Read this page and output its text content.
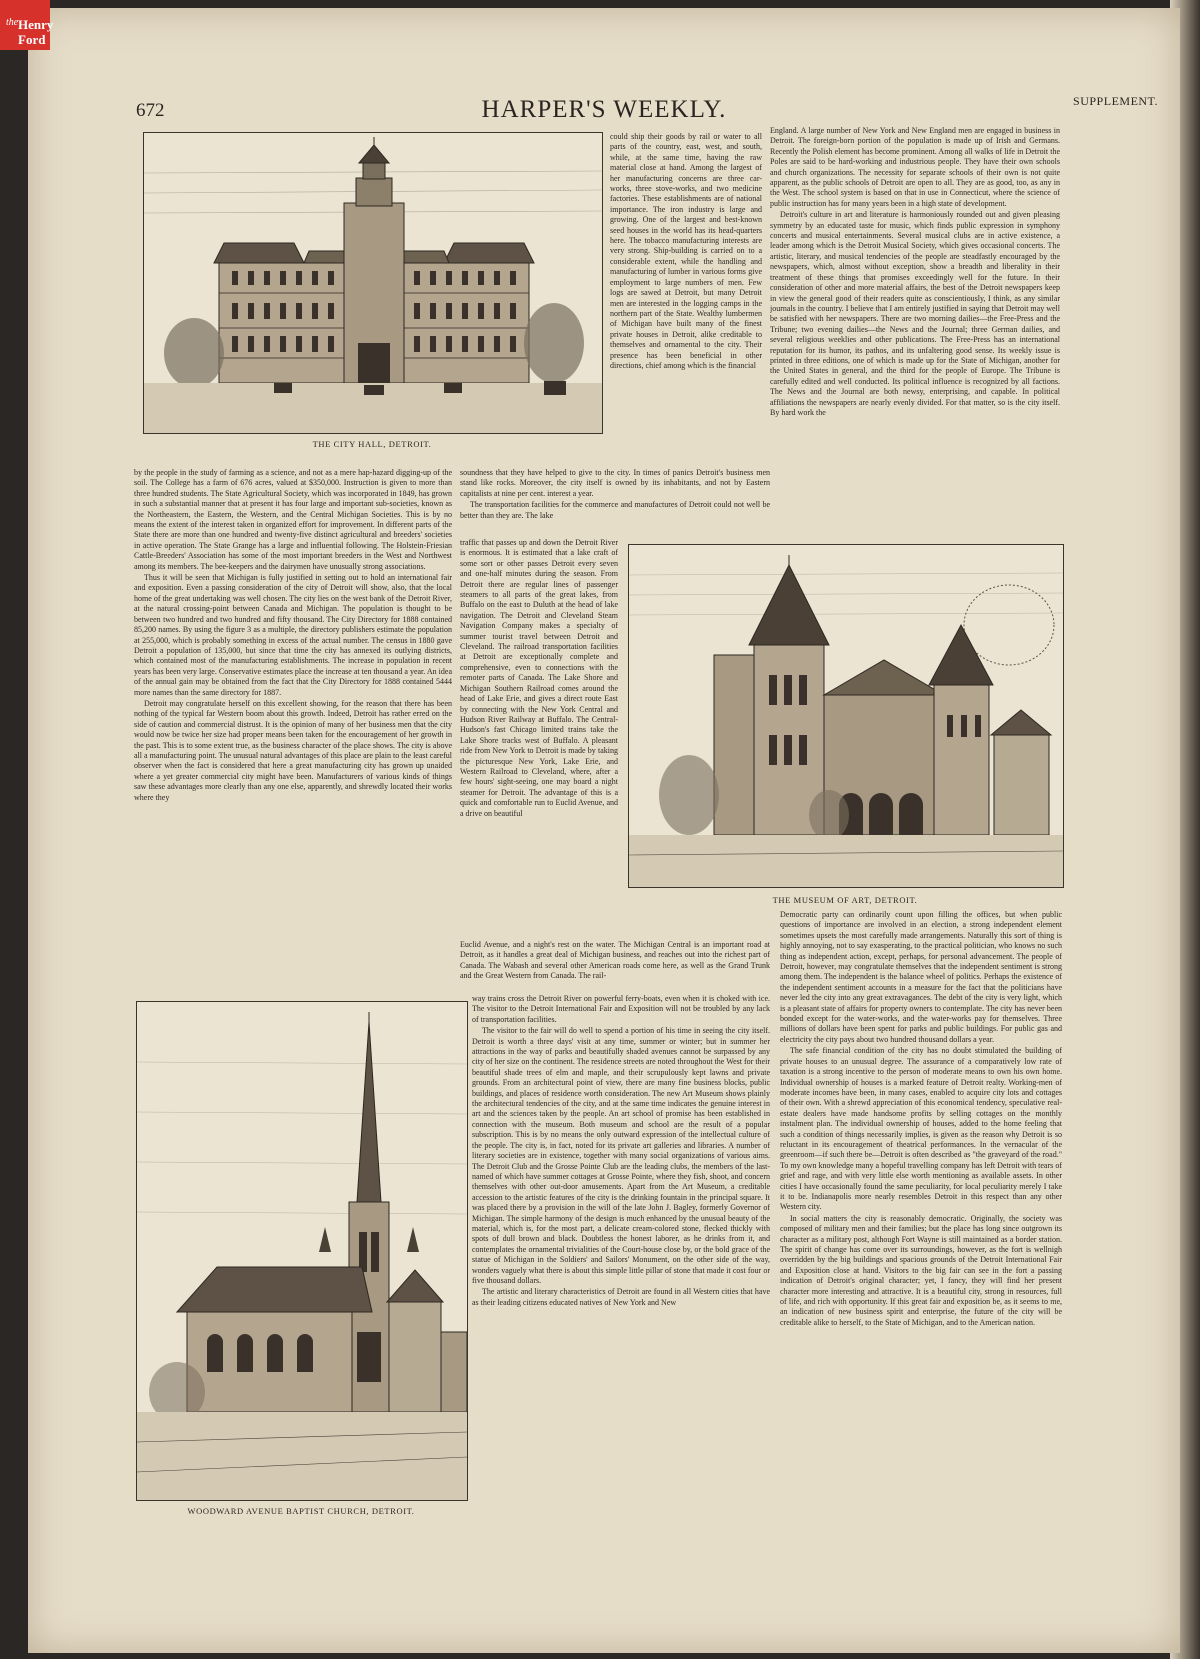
672	HARPER'S WEEKLY.	SUPPLEMENT.
THE CITY HALL, DETROIT.
could ship their goods by rail or water to all parts of the country, east, west, and south, while, at the same time, having the raw material close at hand. Among the largest of her manufacturing concerns are three car-works, three stove-works, and two medicine factories. These establishments are of national importance. The iron industry is large and growing. One of the largest and best-known seed houses in the world has its head-quarters here. The tobacco manufacturing interests are very strong. Ship-building is carried on to a considerable extent, while the handling and manufacturing of lumber in various forms give employment to large numbers of men. Few logs are sawed at Detroit, but many Detroit men are interested in the logging camps in the northern part of the State. Wealthy lumbermen of Michigan have built many of the finest private houses in Detroit, alike creditable to themselves and ornamental to the city. Their presence has been beneficial in other directions, chief among which is the financial

England. A large number of New York and New England men are engaged in business in Detroit. The foreign-born portion of the population is made up of Irish and Germans. Recently the Polish element has become prominent. Among all walks of life in Detroit the Poles are said to be hard-working and industrious people. They have their own schools and church organizations. The necessity for separate schools of their own is not quite apparent, as the public schools of Detroit are open to all. They are as good, too, as any in the West. The school system is based on that in use in Connecticut, where the science of public instruction has for many years been in a high state of development.

Detroit's culture in art and literature is harmoniously rounded out and given pleasing symmetry by an educated taste for music, which finds public expression in symphony concerts and musical entertainments. Several musical clubs are in active existence, a leader among which is the Detroit Musical Society, which gives occasional concerts. The artistic, literary, and musical tendencies of the people are steadfastly encouraged by the newspapers, which, almost without exception, show a breadth and liberality in their treatment of these things that promises exceedingly well for the future. In their consideration of other and more material affairs, the best of the Detroit newspapers keep in view the general good of their readers quite as conscientiously, I think, as any similar journals in the country. I believe that I am entirely justified in saying that Detroit may well be satisfied with her newspapers. There are two morning dailies—the Free-Press and the Tribune; two evening dailies—the News and the Journal; three German dailies, and several religious weeklies and other publications. The Free-Press has an international reputation for its humor, its pathos, and its unfaltering good sense. Its weekly issue is printed in three editions, one of which is made up for the State of Michigan, another for the United States in general, and the third for the people of Europe. The Tribune is carefully edited and well conducted. Its political influence is recognized by all factions. The News and the Journal are both newsy, enterprising, and capable. In political affiliations the newspapers are nearly evenly divided. For that matter, so is the city itself. By hard work the

by the people in the study of farming as a science, and not as a mere hap-hazard digging-up of the soil. The College has a farm of 676 acres, valued at $350,000. Instruction is given to more than three hundred students. The State Agricultural Society, which was incorporated in 1849, has grown in such a substantial manner that at present it has four large and important sub-societies, known as the Northeastern, the Eastern, the Western, and the Central Michigan Societies. This is by no means the extent of the interest taken in organized effort for improvement. In different parts of the State there are more than one hundred and twenty-five distinct agricultural and breeders' societies in active operation. The State Grange has a large and influential following. The Holstein-Friesian Cattle-Breeders' Association has some of the most important breeders in the West and Northwest among its members. The bee-keepers and the dairymen have unusually strong associations.

Thus it will be seen that Michigan is fully justified in setting out to hold an international fair and exposition. Even a passing consideration of the city of Detroit will show, also, that the local home of the great undertaking was well chosen. The city lies on the west bank of the Detroit River, at the natural crossing-point between Canada and Michigan. The population is thought to be between two hundred and two hundred and fifty thousand. The City Directory for 1888 contained 85,200 names. By using the figure 3 as a multiple, the directory publishers estimate the population at 255,000, which is probably something in excess of the actual number. The census in 1880 gave Detroit a population of 135,000, but since that time the city has annexed its outlying districts, which contained most of the manufacturing establishments. The increase in population in recent years has been very large. Conservative estimates place the increase at ten thousand a year. An idea of the annual gain may be obtained from the fact that the City Directory for 1888 contained 5444 more names than the same directory for 1887.

Detroit may congratulate herself on this excellent showing, for the reason that there has been nothing of the typical far Western boom about this growth. Indeed, Detroit has rather erred on the side of caution and commercial distrust. It is the opinion of many of her business men that the city would now be twice her size had proper means been taken for the encouragement of her growth in the past. This is to some extent true, as the business character of the place shows. The city is above all a manufacturing point. The unusual natural advantages of this place are plain to the least careful observer when the fact is considered that here a great manufacturing city has grown up unaided where a yet greater commercial city might have been. Manufacturers of various kinds of things saw these advantages more clearly than any one else, apparently, and shrewdly located their works where they

soundness that they have helped to give to the city. In times of panics Detroit's business men stand like rocks. Moreover, the city itself is owned by its inhabitants, and not by Eastern capitalists at nine per cent. interest a year.

The transportation facilities for the commerce and manufactures of Detroit could not well be better than they are. The lake

traffic that passes up and down the Detroit River is enormous. It is estimated that a lake craft of some sort or other passes Detroit every seven and one-half minutes during the season. From Detroit there are regular lines of passenger steamers to all parts of the great lakes, from Buffalo on the east to Duluth at the head of lake navigation. The Detroit and Cleveland Steam Navigation Company makes a specialty of summer tourist travel between Detroit and Cleveland. The railroad transportation facilities at Detroit are exceptionally complete and comprehensive, even to connections with the remoter parts of Canada. The Lake Shore and Michigan Southern Railroad comes around the head of Lake Erie, and gives a direct route East by connecting with the New York Central and Hudson River Railway at Buffalo. The Central-Hudson's fast Chicago limited trains take the Lake Shore tracks west of Buffalo. A pleasant ride from New York to Detroit is made by taking the picturesque New York, Lake Erie, and Western Railroad to Cleveland, where, after a few hours' sight-seeing, one may board a night steamer for Detroit. The advantage of this is a quick and comfortable run to Euclid Avenue, and a drive on beautiful
THE MUSEUM OF ART, DETROIT.
Euclid Avenue, and a night's rest on the water. The Michigan Central is an important road at Detroit, as it handles a great deal of Michigan business, and reaches out into the richest part of Canada. The Wabash and several other American roads come here, as well as the Grand Trunk and the Great Western from Canada. The rail-
WOODWARD AVENUE BAPTIST CHURCH, DETROIT.

way trains cross the Detroit River on powerful ferry-boats, even when it is choked with ice. The visitor to the Detroit International Fair and Exposition will not be troubled by any lack of transportation facilities.

The visitor to the fair will do well to spend a portion of his time in seeing the city itself. Detroit is worth a three days' visit at any time, summer or winter; but in summer her attractions in the way of parks and beautifully shaded avenues cannot be surpassed by any city of her size on the continent. The residence streets are noted throughout the West for their beautiful shade trees of elm and maple, and their scrupulously kept lawns and private grounds. From an architectural point of view, there are many fine business blocks, public buildings, and places of residence worth consideration. The new Art Museum shows plainly the architectural tendencies of the city, and at the same time indicates the genuine interest in art and the sciences taken by the people. An art school of promise has been established in connection with the museum. Both museum and school are the result of a popular subscription. This is by no means the only outward expression of the intellectual culture of the people. The city is, in fact, noted for its private art galleries and libraries. A number of literary societies are in existence, together with many social organizations of various aims. The Detroit Club and the Grosse Pointe Club are the leading clubs, the members of the last-named of which have summer cottages at Grosse Pointe, where they fish, shoot, and concern themselves with other out-door amusements. Apart from the Art Museum, a creditable accession to the artistic features of the city is the drinking fountain in the principal square. It was placed there by a provision in the will of the late John J. Bagley, formerly Governor of Michigan. The simple harmony of the design is much enhanced by the unusual beauty of the material, which is, for the most part, a delicate cream-colored stone, flecked thickly with spots of dull brown and black. Doubtless the honest laborer, as he drinks from it, and contemplates the ornamental trivialities of the Court-house close by, or the bold grace of the statue of Michigan in the Soldiers' and Sailors' Monument, on the other side of the way, wonders vaguely what there is about this simple little pillar of stone that made it cost four or five thousand dollars.

The artistic and literary characteristics of Detroit are found in all Western cities that have as their leading citizens educated natives of New York and New

Democratic party can ordinarily count upon filling the offices, but when public questions of importance are involved in an election, a strong independent element sometimes upsets the most carefully made arrangements. Naturally this sort of thing is highly annoying, not to say exasperating, to the practical politician, who knows no such thing as independent action, except, perhaps, for personal advancement. The people of Detroit, however, may congratulate themselves that the independent sentiment is strong among them. The independent is the balance wheel of politics. Perhaps the existence of the independent sentiment accounts in a measure for the fact that the politicians have never led the city into any great extravagances. The debt of the city is very light, which is a pleasant state of affairs for property owners to contemplate. The city has never been bonded except for the water-works, and the water-works pay for themselves. Three millions of dollars have been spent for parks and public buildings. For public gas and electricity the city pays about two hundred thousand dollars a year.

The safe financial condition of the city has no doubt stimulated the building of private houses to an unusual degree. The assurance of a comparatively low rate of taxation is a strong incentive to the person of moderate means to own his own home. Individual ownership of houses is a marked feature of Detroit realty. Working-men of moderate incomes have been, in many cases, enabled to acquire city lots and cottages of their own. With a shrewd appreciation of this economical tendency, speculative real-estate dealers have made handsome profits by selling cottages on the monthly instalment plan. The individual ownership of houses, added to the home feeling that such a condition of things necessarily implies, is given as the reason why Detroit is so reluctant in its encouragement of theatrical performances. In the vernacular of the greenroom—if such there be—Detroit is often described as "the graveyard of the road." To my own knowledge many a hopeful travelling company has left Detroit with tears of grief and rage, and with very little else worth mentioning as available assets. In other cities I have occasionally found the same peculiarity, for local peculiarity merely I take it to be. Indianapolis more nearly resembles Detroit in this respect than any other Western city.

In social matters the city is reasonably democratic. Originally, the society was composed of military men and their families; but the place has long since outgrown its character as a military post, although Fort Wayne is still maintained as a border station. The spirit of change has come over its surroundings, however, as the fort is wellnigh overridden by the big buildings and spacious grounds of the Detroit International Fair and Exposition close at hand. Visitors to the big fair can see in the fort a passing indication of Detroit's original character; yet, I fancy, they will find her present character more interesting and attractive. It is a beautiful city, strong in resources, full of life, and rich with opportunity. If this great fair and exposition be, as it seems to me, an indication of new business spirit and enterprise, the future of the city will be creditable alike to herself, to the State of Michigan, and to the American nation.

the Henry
Ford
